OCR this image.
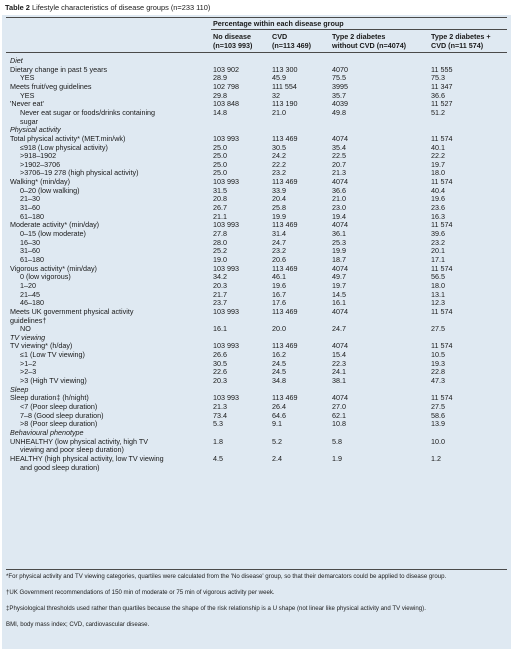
Table 2 Lifestyle characteristics of disease groups (n=233 110)
Percentage within each disease group
No disease
(n=103 993)
CVD
(n=113 469)
Type 2 diabetes
without CVD (n=4074)
Type 2 diabetes +
CVD (n=11 574)
Diet
Dietary change in past 5 years	103 902	113 300	4070	11 555
YES	28.9	45.9	75.5	75.3
Meets fruit/veg guidelines	102 798	111 554	3995	11 347
YES	29.8	32	35.7	36.6
'Never eat'	103 848	113 190	4039	11 527
Never eat sugar or foods/drinks containing	14.8	21.0	49.8	51.2
sugar
Physical activity
Total physical activity* (MET.min/wk)	103 993	113 469	4074	11 574
≤918 (Low physical activity)	25.0	30.5	35.4	40.1
>918–1902	25.0	24.2	22.5	22.2
>1902–3706	25.0	22.2	20.7	19.7
>3706–19 278 (high physical activity)	25.0	23.2	21.3	18.0
Walking* (min/day)	103 993	113 469	4074	11 574
0–20 (low walking)	31.5	33.9	36.6	40.4
21–30	20.8	20.4	21.0	19.6
31–60	26.7	25.8	23.0	23.6
61–180	21.1	19.9	19.4	16.3
Moderate activity* (min/day)	103 993	113 469	4074	11 574
0–15 (low moderate)	27.8	31.4	36.1	39.6
16–30	28.0	24.7	25.3	23.2
31–60	25.2	23.2	19.9	20.1
61–180	19.0	20.6	18.7	17.1
Vigorous activity* (min/day)	103 993	113 469	4074	11 574
0 (low vigorous)	34.2	46.1	49.7	56.5
1–20	20.3	19.6	19.7	18.0
21–45	21.7	16.7	14.5	13.1
46–180	23.7	17.6	16.1	12.3
Meets UK government physical activity	103 993	113 469	4074	11 574
guidelines†
NO	16.1	20.0	24.7	27.5
TV viewing
TV viewing* (h/day)	103 993	113 469	4074	11 574
≤1 (Low TV viewing)	26.6	16.2	15.4	10.5
>1–2	30.5	24.5	22.3	19.3
>2–3	22.6	24.5	24.1	22.8
>3 (High TV viewing)	20.3	34.8	38.1	47.3
Sleep
Sleep duration‡ (h/night)	103 993	113 469	4074	11 574
<7 (Poor sleep duration)	21.3	26.4	27.0	27.5
7–8 (Good sleep duration)	73.4	64.6	62.1	58.6
>8 (Poor sleep duration)	5.3	9.1	10.8	13.9
Behavioural phenotype
UNHEALTHY (low physical activity, high TV	1.8	5.2	5.8	10.0
viewing and poor sleep duration)
HEALTHY (high physical activity, low TV viewing	4.5	2.4	1.9	1.2
and good sleep duration)
*For physical activity and TV viewing categories, quartiles were calculated from the 'No disease' group, so that their demarcators could be applied to disease group.
†UK Government recommendations of 150 min of moderate or 75 min of vigorous activity per week.
‡Physiological thresholds used rather than quartiles because the shape of the risk relationship is a U shape (not linear like physical activity and TV viewing).
BMI, body mass index; CVD, cardiovascular disease.
